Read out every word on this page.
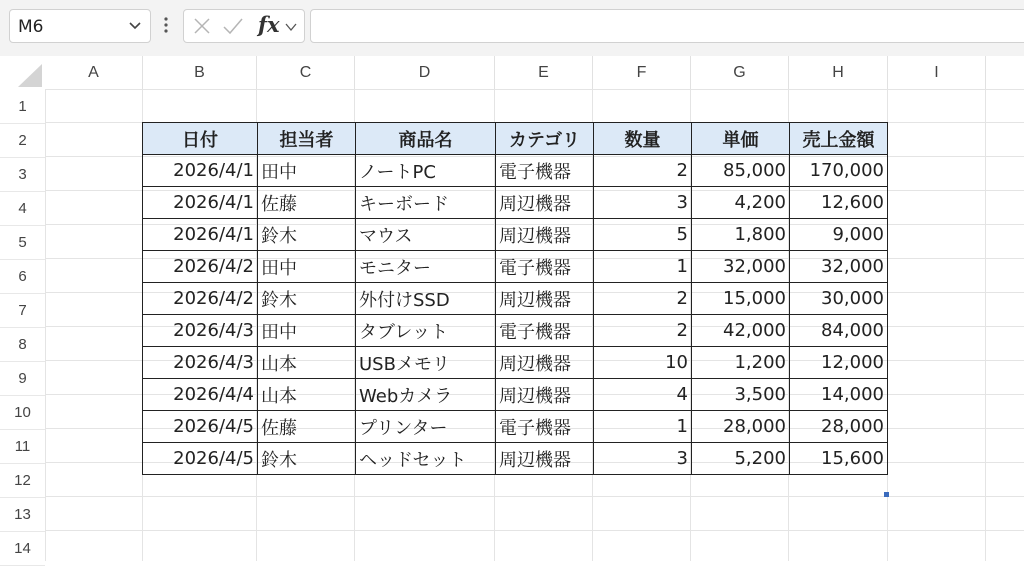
M6	fx
A	B	C	D	E	F	G	H	I
1
2
3
4
5
6
7
8
9
10
11
12
13
14
日付	担当者	商品名	カテゴリ	数量	単価	売上金額
2026/4/1	田中	ノートPC	電子機器	2	85,000	170,000
2026/4/1	佐藤	キーボード	周辺機器	3	4,200	12,600
2026/4/1	鈴木	マウス	周辺機器	5	1,800	9,000
2026/4/2	田中	モニター	電子機器	1	32,000	32,000
2026/4/2	鈴木	外付けSSD	周辺機器	2	15,000	30,000
2026/4/3	田中	タブレット	電子機器	2	42,000	84,000
2026/4/3	山本	USBメモリ	周辺機器	10	1,200	12,000
2026/4/4	山本	Webカメラ	周辺機器	4	3,500	14,000
2026/4/5	佐藤	プリンター	電子機器	1	28,000	28,000
2026/4/5	鈴木	ヘッドセット	周辺機器	3	5,200	15,600
